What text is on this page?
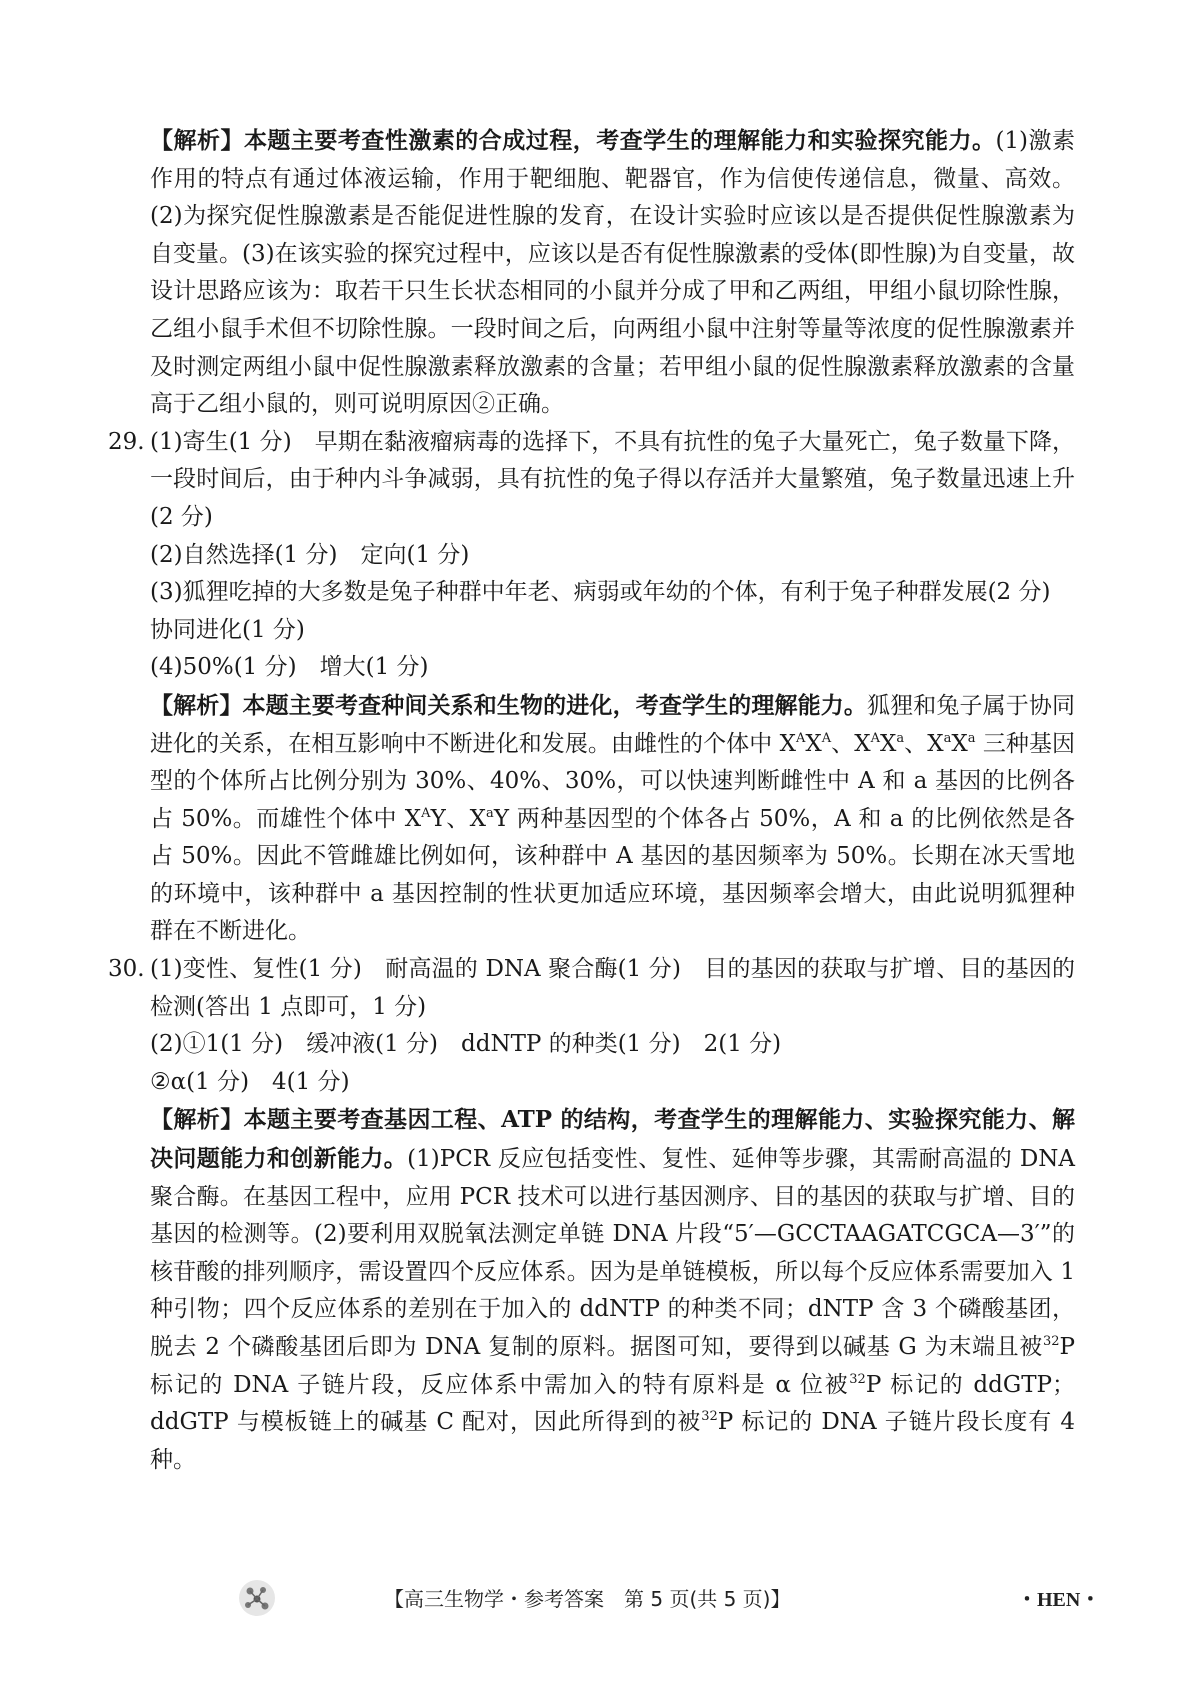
【解析】本题主要考查性激素的合成过程，考查学生的理解能力和实验探究能力。(1)激素作用的特点有通过体液运输，作用于靶细胞、靶器官，作为信使传递信息，微量、高效。(2)为探究促性腺激素是否能促进性腺的发育，在设计实验时应该以是否提供促性腺激素为自变量。(3)在该实验的探究过程中，应该以是否有促性腺激素的受体(即性腺)为自变量，故设计思路应该为：取若干只生长状态相同的小鼠并分成了甲和乙两组，甲组小鼠切除性腺，乙组小鼠手术但不切除性腺。一段时间之后，向两组小鼠中注射等量等浓度的促性腺激素并及时测定两组小鼠中促性腺激素释放激素的含量；若甲组小鼠的促性腺激素释放激素的含量高于乙组小鼠的，则可说明原因②正确。

29. (1)寄生(1 分)　早期在黏液瘤病毒的选择下，不具有抗性的兔子大量死亡，兔子数量下降，一段时间后，由于种内斗争减弱，具有抗性的兔子得以存活并大量繁殖，兔子数量迅速上升(2 分)

(2)自然选择(1 分)　定向(1 分)

(3)狐狸吃掉的大多数是兔子种群中年老、病弱或年幼的个体，有利于兔子种群发展(2 分)

协同进化(1 分)

(4)50%(1 分)　增大(1 分)

【解析】本题主要考查种间关系和生物的进化，考查学生的理解能力。狐狸和兔子属于协同进化的关系，在相互影响中不断进化和发展。由雌性的个体中 $X^AX^A$、$X^AX^a$、$X^aX^a$ 三种基因型的个体所占比例分别为 30%、40%、30%，可以快速判断雌性中 A 和 a 基因的比例各占 50%。而雄性个体中 $X^AY$、$X^aY$ 两种基因型的个体各占 50%，A 和 a 的比例依然是各占 50%。因此不管雌雄比例如何，该种群中 A 基因的基因频率为 50%。长期在冰天雪地的环境中，该种群中 a 基因控制的性状更加适应环境，基因频率会增大，由此说明狐狸种群在不断进化。

30. (1)变性、复性(1 分)　耐高温的 DNA 聚合酶(1 分)　目的基因的获取与扩增、目的基因的检测(答出 1 点即可，1 分)

(2)①1(1 分)　缓冲液(1 分)　ddNTP 的种类(1 分)　2(1 分)

②α(1 分)　4(1 分)

【解析】本题主要考查基因工程、ATP 的结构，考查学生的理解能力、实验探究能力、解决问题能力和创新能力。(1)PCR 反应包括变性、复性、延伸等步骤，其需耐高温的 DNA 聚合酶。在基因工程中，应用 PCR 技术可以进行基因测序、目的基因的获取与扩增、目的基因的检测等。(2)要利用双脱氧法测定单链 DNA 片段“5′—GCCTAAGATCGCA—3′”的核苷酸的排列顺序，需设置四个反应体系。因为是单链模板，所以每个反应体系需要加入 1 种引物；四个反应体系的差别在于加入的 ddNTP 的种类不同；dNTP 含 3 个磷酸基团，脱去 2 个磷酸基团后即为 DNA 复制的原料。据图可知，要得到以碱基 G 为末端且被$^{32}$P 标记的 DNA 子链片段，反应体系中需加入的特有原料是 α 位被$^{32}$P 标记的 ddGTP；ddGTP 与模板链上的碱基 C 配对，因此所得到的被$^{32}$P 标记的 DNA 子链片段长度有 4 种。

【高三生物学・参考答案　第 5 页(共 5 页)】	・HEN・
